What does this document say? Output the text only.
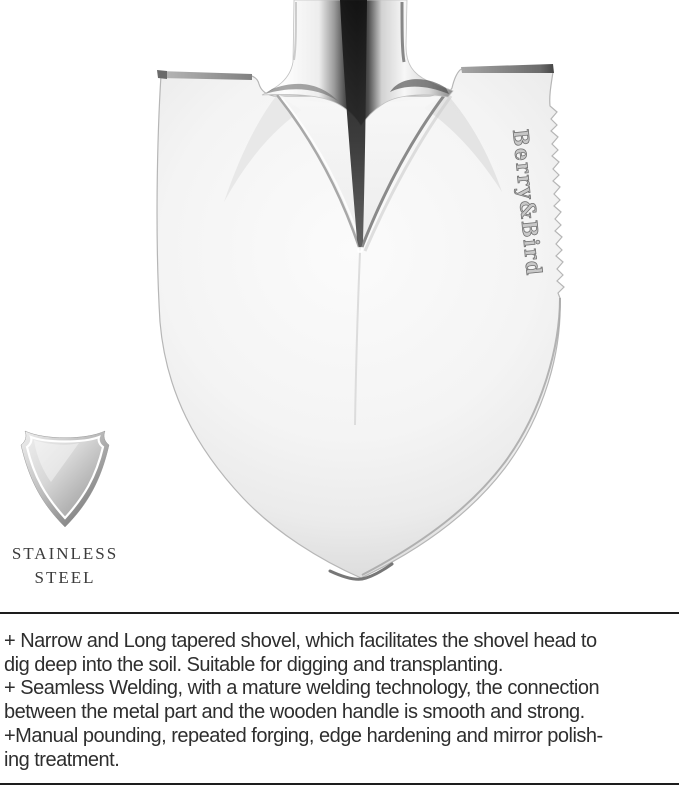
Berry&Bird
STAINLESS
STEEL
+ Narrow and Long tapered shovel, which facilitates the shovel head to
dig deep into the soil. Suitable for digging and transplanting.
+ Seamless Welding, with a mature welding technology, the connection
between the metal part and the wooden handle is smooth and strong.
+Manual pounding, repeated forging, edge hardening and mirror polish-
ing treatment.
